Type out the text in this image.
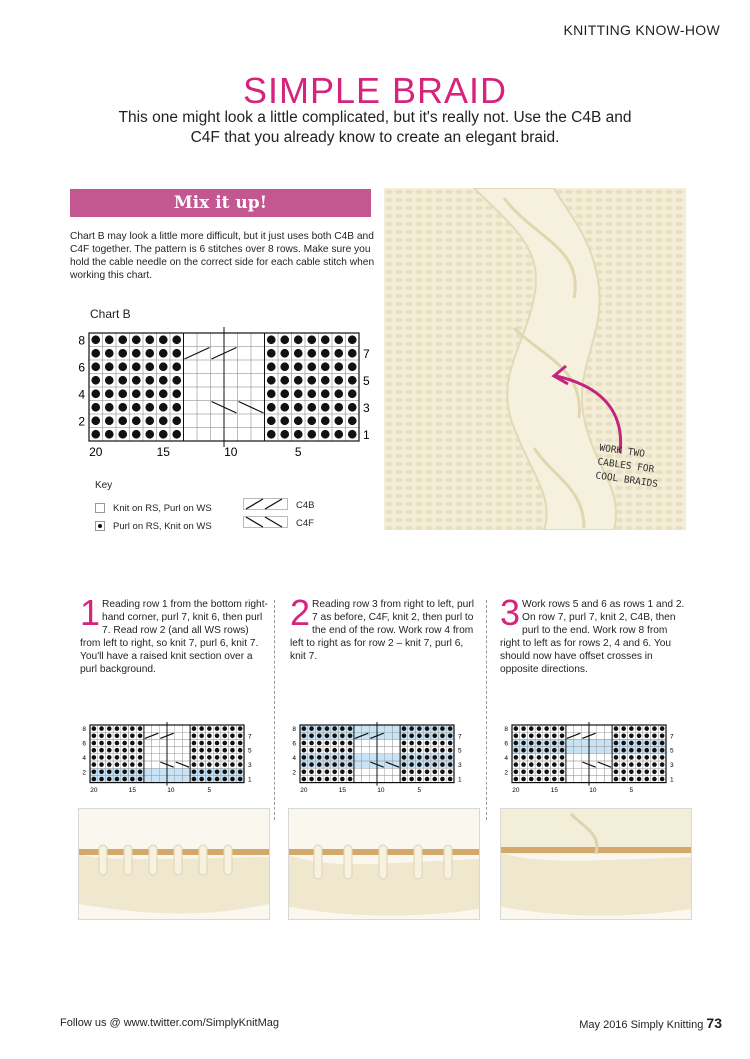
KNITTING KNOW-HOW
SIMPLE BRAID
This one might look a little complicated, but it's really not. Use the C4B and C4F that you already know to create an elegant braid.
Mix it up!
Chart B may look a little more difficult, but it just uses both C4B and C4F together. The pattern is 6 stitches over 8 rows. Make sure you hold the cable needle on the correct side for each cable stitch when working this chart.
Chart B
8
6
4
2
7
5
3
1
20	15	10	5
Key
Knit on RS, Purl on WS
Purl on RS, Knit on WS
C4B
C4F
WORK TWO CABLES FOR COOL BRAIDS
1 Reading row 1 from the bottom right-hand corner, purl 7, knit 6, then purl 7. Read row 2 (and all WS rows) from left to right, so knit 7, purl 6, knit 7. You'll have a raised knit section over a purl background.
2 Reading row 3 from right to left, purl 7 as before, C4F, knit 2, then purl to the end of the row. Work row 4 from left to right as for row 2 – knit 7, purl 6, knit 7.
3 Work rows 5 and 6 as rows 1 and 2. On row 7, purl 7, knit 2, C4B, then purl to the end. Work row 8 from right to left as for rows 2, 4 and 6. You should now have offset crosses in opposite directions.
8
6
4
2
7
5
3
1
20	15	10	5
8
6
4
2
7
5
3
1
20	15	10	5
8
6
4
2
7
5
3
1
20	15	10	5
Follow us @ www.twitter.com/SimplyKnitMag	May 2016 Simply Knitting 73
